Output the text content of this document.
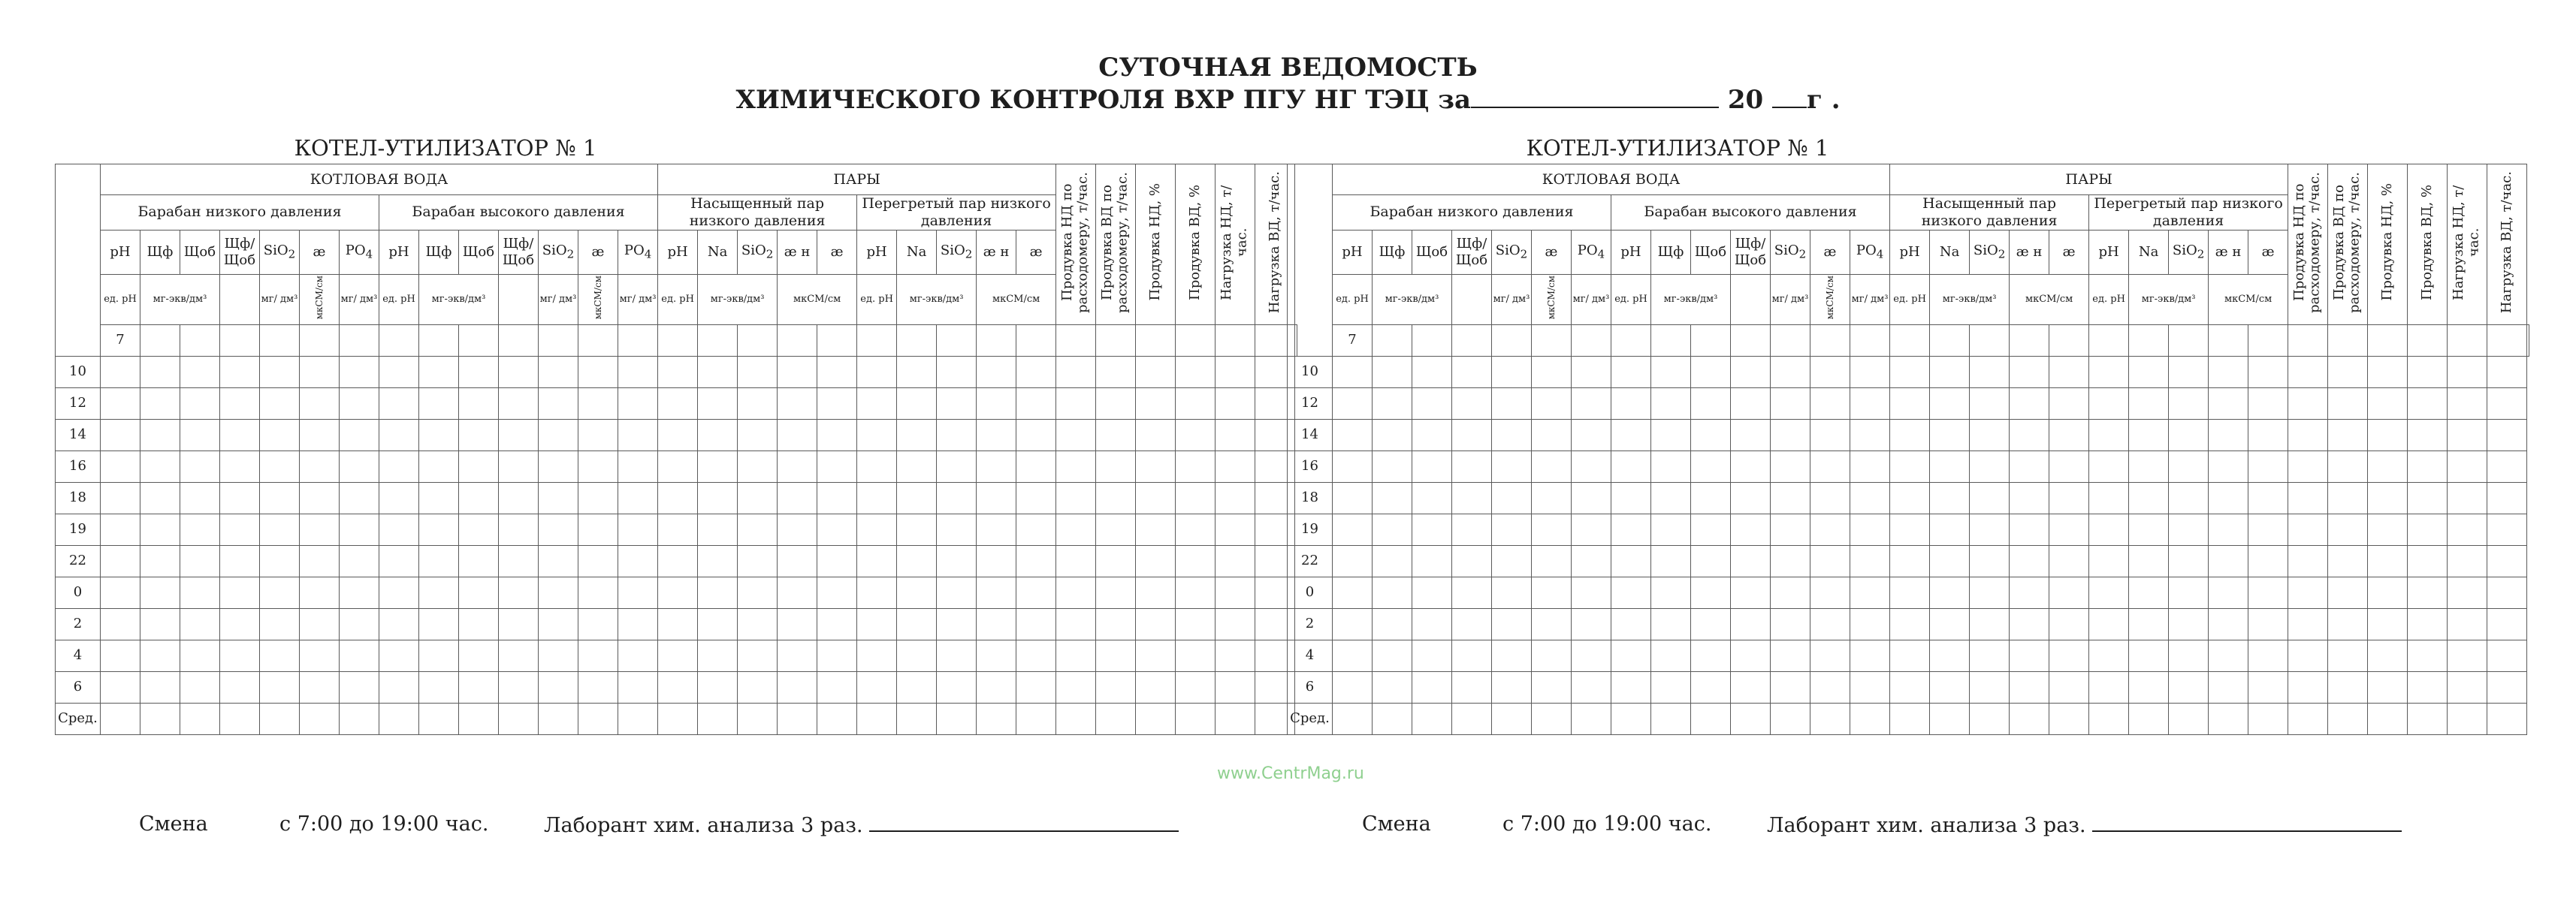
СУТОЧНАЯ ВЕДОМОСТЬ
ХИМИЧЕСКОГО КОНТРОЛЯ ВХР ПГУ НГ ТЭЦ за	20 г .
КОТЕЛ-УТИЛИЗАТОР № 1
	КОТЛОВАЯ ВОДА														ПАРЫ										Продувка НД по расходомеру, т/час.	Продувка ВД по расходомеру, т/час.	Продувка НД, %	Продувка ВД, %	Нагрузка НД, т/час.	Нагрузка ВД, т/час.	
															Насыщенный пар низкого давления					Перегретый пар низкого давления											
	Барабан низкого давления							Барабан высокого давления																							
	pH	Щф	Щоб	Щф/ Щоб	SiO$_2$	æ	$PO_4$	pH	Щф	Щоб	Щф/ Щоб	SiO$_2$	æ	$PO_4$	pH	Na	SiO$_2$	æ н	æ	pH	Na	SiO$_2$	æ н	æ							
	ед. рН	мг-экв/дм³			мг/ дм³	мкСМ/см	мг/ дм³	ед. рН	мг-экв/дм³			мг/ дм³	мкСМ/см	мг/ дм³	ед. рН	мг-экв/дм³		мкСМ/см		ед. рН	мг-экв/дм³		мкСМ/см								
	7																														
10																															
12																															
14																															
16																															
18																															
19																															
22																															
0																															
2																															
4																															
6																															
Сред.																															
КОТЕЛ-УТИЛИЗАТОР № 1
	КОТЛОВАЯ ВОДА														ПАРЫ										Продувка НД по расходомеру, т/час.	Продувка ВД по расходомеру, т/час.	Продувка НД, %	Продувка ВД, %	Нагрузка НД, т/час.	Нагрузка ВД, т/час.	
															Насыщенный пар низкого давления					Перегретый пар низкого давления											
	Барабан низкого давления							Барабан высокого давления																							
	pH	Щф	Щоб	Щф/ Щоб	SiO$_2$	æ	$PO_4$	pH	Щф	Щоб	Щф/ Щоб	SiO$_2$	æ	$PO_4$	pH	Na	SiO$_2$	æ н	æ	pH	Na	SiO$_2$	æ н	æ							
	ед. рН	мг-экв/дм³			мг/ дм³	мкСМ/см	мг/ дм³	ед. рН	мг-экв/дм³			мг/ дм³	мкСМ/см	мг/ дм³	ед. рН	мг-экв/дм³		мкСМ/см		ед. рН	мг-экв/дм³		мкСМ/см								
	7																														
10																															
12																															
14																															
16																															
18																															
19																															
22																															
0																															
2																															
4																															
6																															
Сред.																															
www.CentrMag.ru
Смена	с 7:00 до 19:00 час.	Лаборант хим. анализа 3 раз.	Смена	с 7:00 до 19:00 час.	Лаборант хим. анализа 3 раз.
